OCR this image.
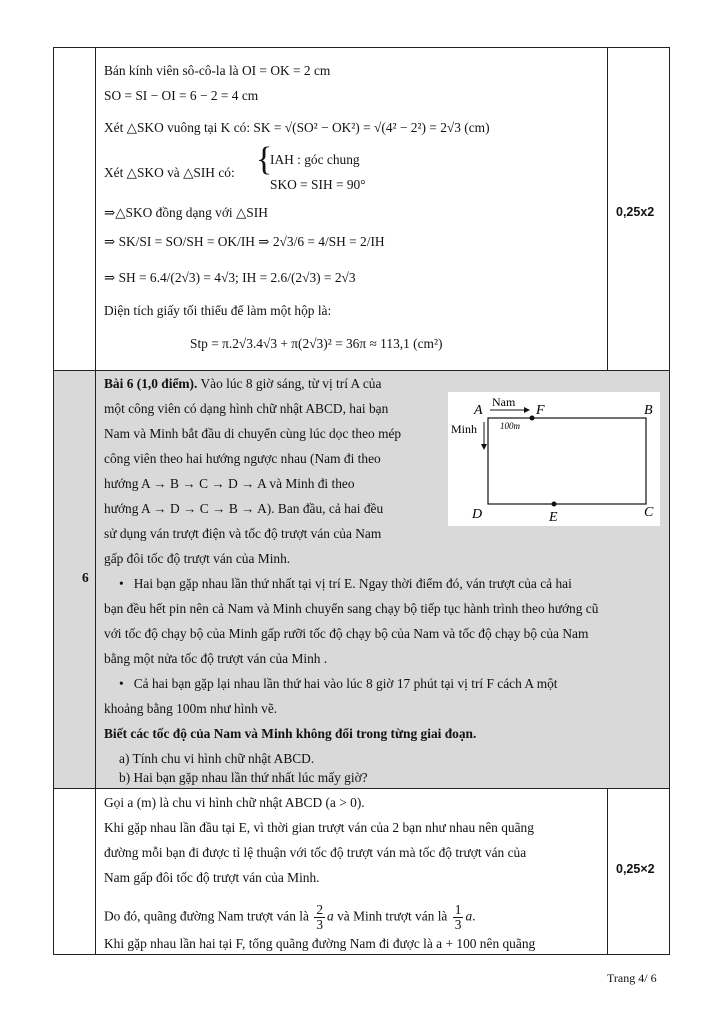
Bán kính viên sô-cô-la là OI = OK = 2 cm
SO = SI − OI = 6 − 2 = 4 cm
Xét △SKO vuông tại K có: SK = √(SO² − OK²) = √(4² − 2²) = 2√3 (cm)
Xét △SKO và △SIH có: {
IAH : góc chung
SKO = SIH = 90°
⇒△SKO đồng dạng với △SIH
⇒ SK/SI = SO/SH = OK/IH ⇒ 2√3/6 = 4/SH = 2/IH
⇒ SH = 6.4/(2√3) = 4√3; IH = 2.6/(2√3) = 2√3
Diện tích giấy tối thiểu để làm một hộp là:
0,25x2
6
Bài 6 (1,0 điểm). Vào lúc 8 giờ sáng, từ vị trí A của
một công viên có dạng hình chữ nhật ABCD, hai bạn
Nam và Minh bắt đầu di chuyển cùng lúc dọc theo mép
công viên theo hai hướng ngược nhau (Nam đi theo
hướng A → B → C → D → A và Minh đi theo
hướng A → D → C → B → A). Ban đầu, cả hai đều
sử dụng ván trượt điện và tốc độ trượt ván của Nam
gấp đôi tốc độ trượt ván của Minh.
A	B
C
D	E
F
Nam
100m
Minh
•   Hai bạn gặp nhau lần thứ nhất tại vị trí E. Ngay thời điểm đó, ván trượt của cả hai
bạn đều hết pin nên cả Nam và Minh chuyển sang chạy bộ tiếp tục hành trình theo hướng cũ
với tốc độ chạy bộ của Minh gấp rưỡi tốc độ chạy bộ của Nam và tốc độ chạy bộ của Nam
bằng một nửa tốc độ trượt ván của Minh .
•   Cả hai bạn gặp lại nhau lần thứ hai vào lúc 8 giờ 17 phút tại vị trí F cách A một
khoảng bằng 100m như hình vẽ.
Biết các tốc độ của Nam và Minh không đổi trong từng giai đoạn.
Gọi a (m) là chu vi hình chữ nhật ABCD (a > 0).
Khi gặp nhau lần đầu tại E, vì thời gian trượt ván của 2 bạn như nhau nên quãng
đường mỗi bạn đi được tỉ lệ thuận với tốc độ trượt ván mà tốc độ trượt ván của
Nam gấp đôi tốc độ trượt ván của Minh.
Do đó, quãng đường Nam trượt ván là $\frac{2}{3}$ a và Minh trượt ván là $\frac{1}{3} a$.
Khi gặp nhau lần hai tại F, tổng quãng đường Nam đi được là a + 100 nên quãng
0,25×2
Trang 4/ 6
a) Tính chu vi hình chữ nhật ABCD.
b) Hai bạn gặp nhau lần thứ nhất lúc mấy giờ?
Stp = π.2√3.4√3 + π(2√3)² = 36π ≈ 113,1 (cm²)
